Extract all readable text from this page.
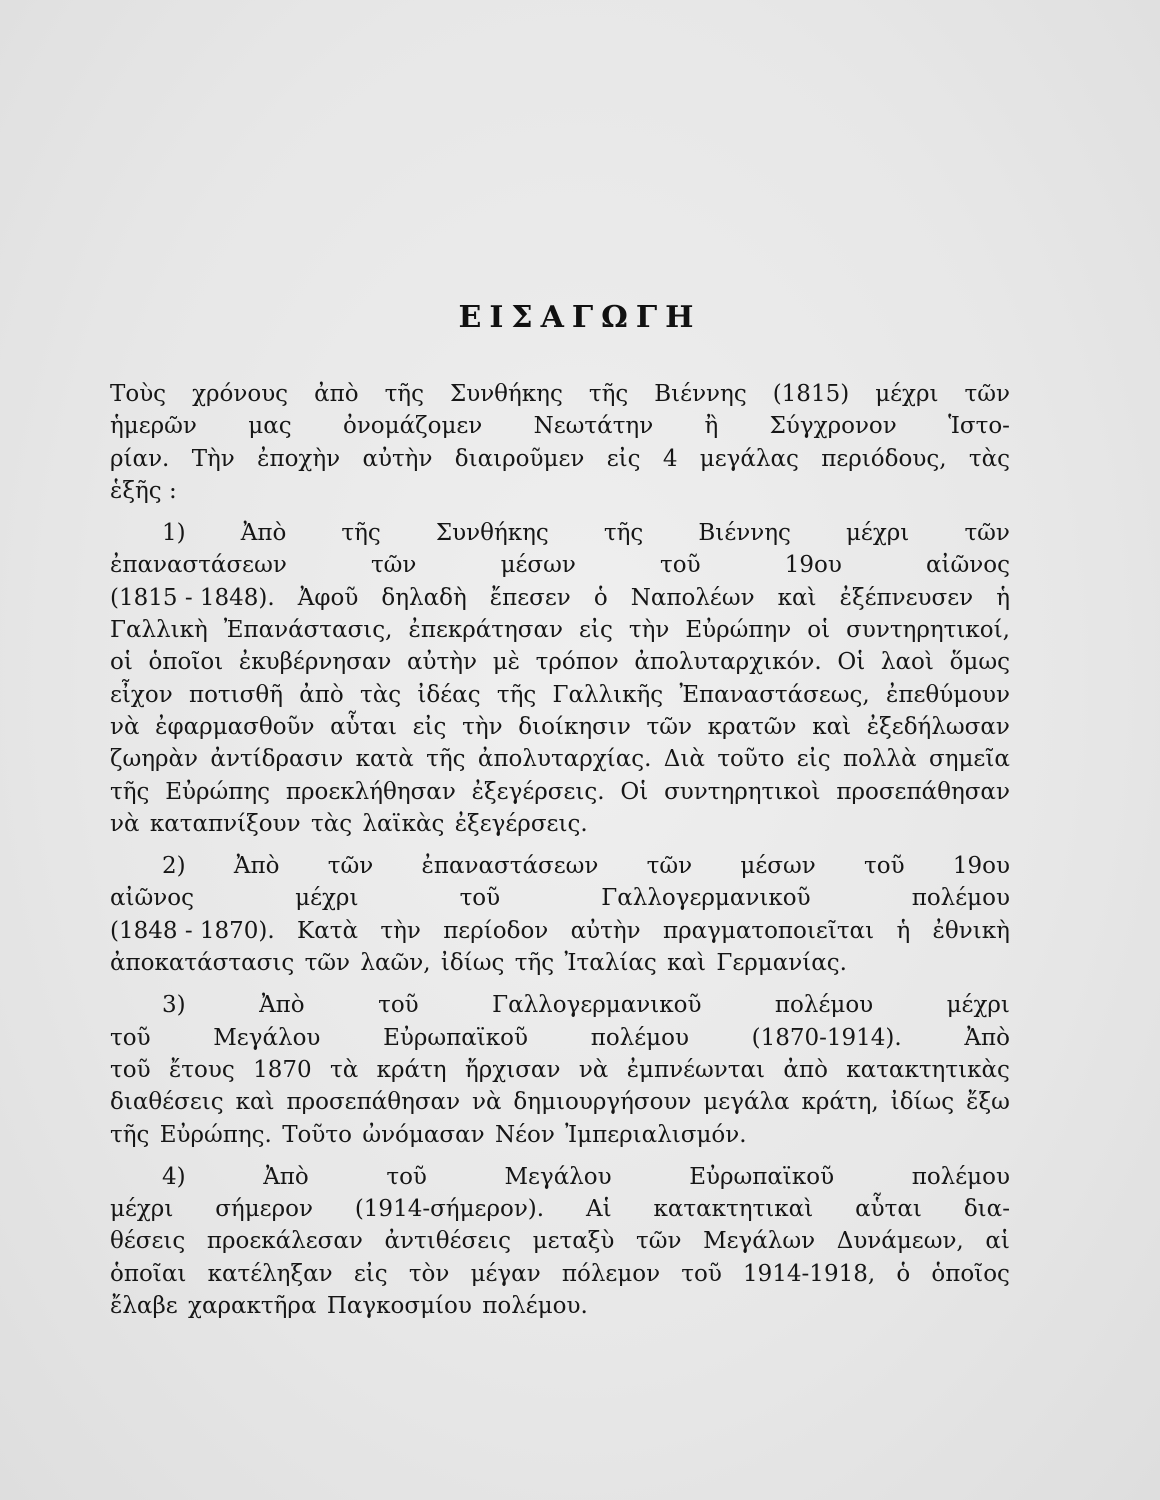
ΕΙΣΑΓΩΓΗ
Τοὺς χρόνους ἀπὸ τῆς Συνθήκης τῆς Βιέννης (1815) μέχρι τῶν
ἡμερῶν μας ὀνομάζομεν Νεωτάτην ἢ Σύγχρονον Ἱστο-
ρίαν. Τὴν ἐποχὴν αὐτὴν διαιροῦμεν εἰς 4 μεγάλας περιόδους, τὰς
ἑξῆς :
1) Ἀπὸ τῆς Συνθήκης τῆς Βιέννης μέχρι τῶν
ἐπαναστάσεων	τῶν	μέσων	τοῦ	19ου	αἰῶνος
(1815 - 1848). Ἀφοῦ δηλαδὴ ἔπεσεν ὁ Ναπολέων καὶ ἐξέπνευσεν ἡ
Γαλλικὴ Ἐπανάστασις, ἐπεκράτησαν εἰς τὴν Εὐρώπην οἱ συντηρητικοί,
οἱ ὁποῖοι ἐκυβέρνησαν αὐτὴν μὲ τρόπον ἀπολυταρχικόν. Οἱ λαοὶ ὅμως
εἶχον ποτισθῆ ἀπὸ τὰς ἰδέας τῆς Γαλλικῆς Ἐπαναστάσεως, ἐπεθύμουν
νὰ ἐφαρμασθοῦν αὗται εἰς τὴν διοίκησιν τῶν κρατῶν καὶ ἐξεδήλωσαν
ζωηρὰν ἀντίδρασιν κατὰ τῆς ἀπολυταρχίας. Διὰ τοῦτο εἰς πολλὰ σημεῖα
τῆς Εὐρώπης προεκλήθησαν ἐξεγέρσεις. Οἱ συντηρητικοὶ προσεπάθησαν
νὰ καταπνίξουν τὰς λαϊκὰς ἐξεγέρσεις.
2) Ἀπὸ τῶν ἐπαναστάσεων τῶν μέσων τοῦ 19ου
αἰῶνος	μέχρι	τοῦ	Γαλλογερμανικοῦ	πολέμου
(1848 - 1870). Κατὰ τὴν περίοδον αὐτὴν πραγματοποιεῖται ἡ ἐθνικὴ
ἀποκατάστασις τῶν λαῶν, ἰδίως τῆς Ἰταλίας καὶ Γερμανίας.
3)	Ἀπὸ	τοῦ	Γαλλογερμανικοῦ	πολέμου	μέχρι
τοῦ	Μεγάλου	Εὐρωπαϊκοῦ	πολέμου	(1870-1914).	Ἀπὸ
τοῦ ἔτους 1870 τὰ κράτη ἤρχισαν νὰ ἐμπνέωνται ἀπὸ κατακτητικὰς
διαθέσεις καὶ προσεπάθησαν νὰ δημιουργήσουν μεγάλα κράτη, ἰδίως ἔξω
τῆς Εὐρώπης. Τοῦτο ὠνόμασαν Νέον Ἰμπεριαλισμόν.
4)	Ἀπὸ	τοῦ	Μεγάλου	Εὐρωπαϊκοῦ	πολέμου
μέχρι σήμερον (1914-σήμερον). Αἱ κατακτητικαὶ αὗται δια-
θέσεις προεκάλεσαν ἀντιθέσεις μεταξὺ τῶν Μεγάλων Δυνάμεων, αἱ
ὁποῖαι κατέληξαν εἰς τὸν μέγαν πόλεμον τοῦ 1914-1918, ὁ ὁποῖος
ἔλαβε χαρακτῆρα Παγκοσμίου πολέμου.
